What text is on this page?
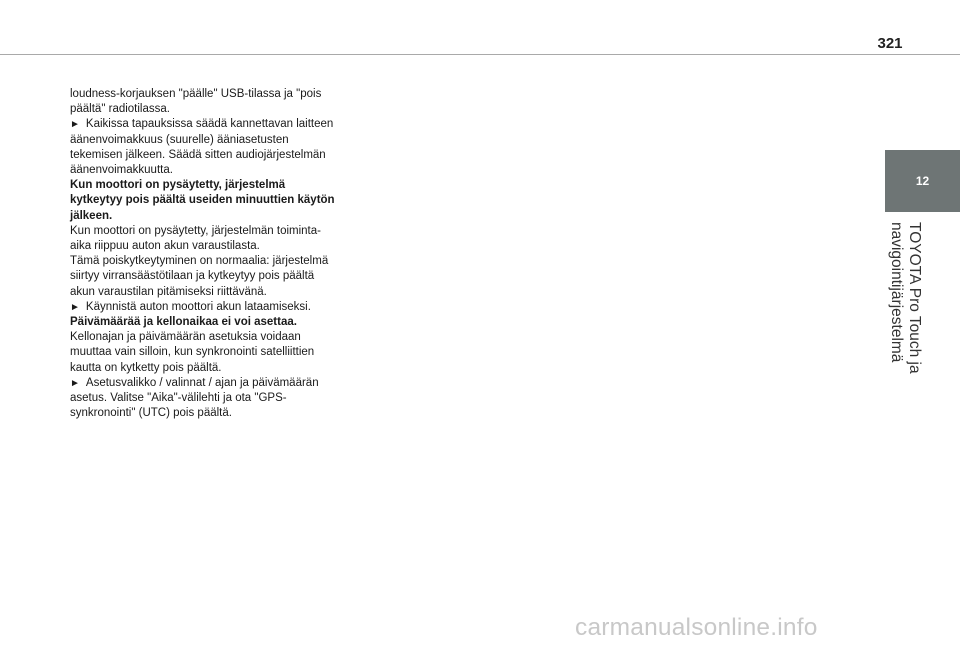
321
12
TOYOTA Pro Touch ja navigointijärjestelmä

loudness-korjauksen "päälle" USB-tilassa ja "pois päältä" radiotilassa.

► Kaikissa tapauksissa säädä kannettavan laitteen äänenvoimakkuus (suurelle) ääniasetusten tekemisen jälkeen. Säädä sitten audiojärjestelmän äänenvoimakkuutta.

Kun moottori on pysäytetty, järjestelmä kytkeytyy pois päältä useiden minuuttien käytön jälkeen.

Kun moottori on pysäytetty, järjestelmän toiminta-aika riippuu auton akun varaustilasta.

Tämä poiskytkeytyminen on normaalia: järjestelmä siirtyy virransäästötilaan ja kytkeytyy pois päältä akun varaustilan pitämiseksi riittävänä.

► Käynnistä auton moottori akun lataamiseksi.

Päivämäärää ja kellonaikaa ei voi asettaa.

Kellonajan ja päivämäärän asetuksia voidaan muuttaa vain silloin, kun synkronointi satelliittien kautta on kytketty pois päältä.

► Asetusvalikko / valinnat / ajan ja päivämäärän asetus. Valitse "Aika"-välilehti ja ota "GPS-synkronointi" (UTC) pois päältä.

carmanualsonline.info
